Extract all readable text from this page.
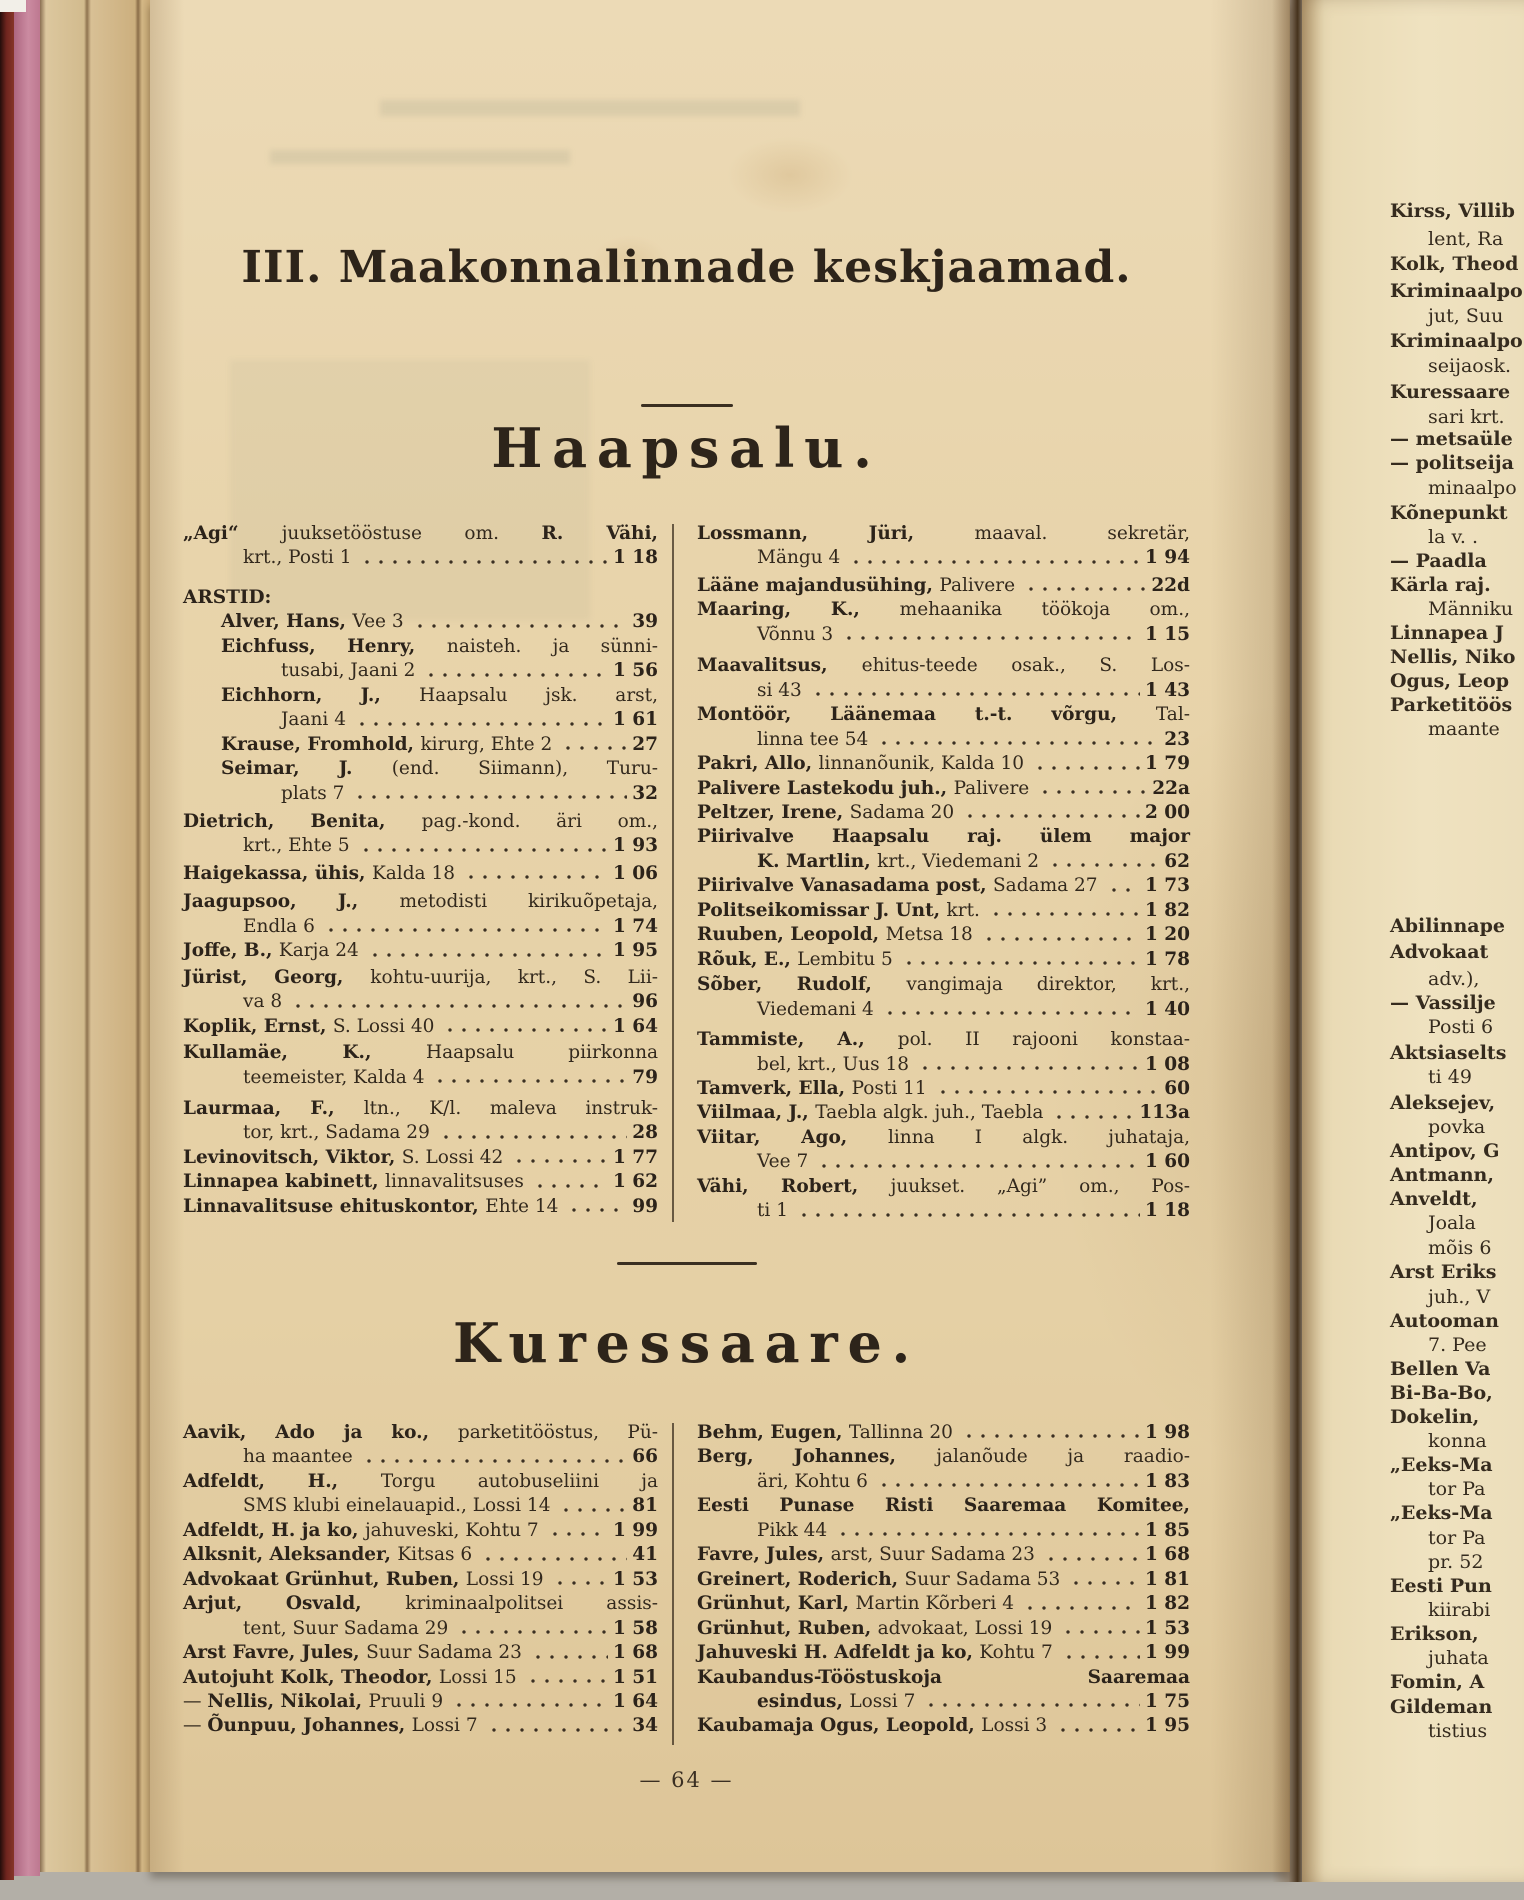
III. Maakonnalinnade keskjaamad.
Haapsalu.
„Agi“ juuksetööstuse om. R. Vähi,
krt., Posti 1	1 18
ARSTID:
Alver, Hans, Vee 3	39
Eichfuss, Henry, naisteh. ja sünni-
tusabi, Jaani 2	1 56
Eichhorn, J., Haapsalu jsk. arst,
Jaani 4	1 61
Krause, Fromhold, kirurg, Ehte 2	27
Seimar, J. (end. Siimann), Turu-
plats 7	32
Dietrich, Benita, pag.-kond. äri om.,
krt., Ehte 5	1 93
Haigekassa, ühis, Kalda 18	1 06
Jaagupsoo, J., metodisti kirikuõpetaja,
Endla 6	1 74
Joffe, B., Karja 24	1 95
Jürist, Georg, kohtu-uurija, krt., S. Lii-
va 8	96
Koplik, Ernst, S. Lossi 40	1 64
Kullamäe, K., Haapsalu piirkonna
teemeister, Kalda 4	79
Laurmaa, F., ltn., K/l. maleva instruk-
tor, krt., Sadama 29	28
Levinovitsch, Viktor, S. Lossi 42	1 77
Linnapea kabinett, linnavalitsuses	1 62
Linnavalitsuse ehituskontor, Ehte 14	99
Lossmann, Jüri, maaval. sekretär,
Mängu 4	1 94
Lääne majandusühing, Palivere	22d
Maaring, K., mehaanika töökoja om.,
Võnnu 3	1 15
Maavalitsus, ehitus-teede osak., S. Los-
si 43	1 43
Montöör, Läänemaa t.-t. võrgu, Tal-
linna tee 54	23
Pakri, Allo, linnanõunik, Kalda 10	1 79
Palivere Lastekodu juh., Palivere	22a
Peltzer, Irene, Sadama 20	2 00
Piirivalve Haapsalu raj. ülem major
K. Martlin, krt., Viedemani 2	62
Piirivalve Vanasadama post, Sadama 27	1 73
Politseikomissar J. Unt, krt.	1 82
Ruuben, Leopold, Metsa 18	1 20
Rõuk, E., Lembitu 5	1 78
Sõber, Rudolf, vangimaja direktor, krt.,
Viedemani 4	1 40
Tammiste, A., pol. II rajooni konstaa-
bel, krt., Uus 18	1 08
Tamverk, Ella, Posti 11	60
Viilmaa, J., Taebla algk. juh., Taebla	113a
Viitar, Ago, linna I algk. juhataja,
Vee 7	1 60
Vähi, Robert, juukset. „Agi” om., Pos-
ti 1	1 18
Kuressaare.
Aavik, Ado ja ko., parketitööstus, Pü-
ha maantee	66
Adfeldt, H., Torgu autobuseliini ja
SMS klubi einelauapid., Lossi 14	81
Adfeldt, H. ja ko, jahuveski, Kohtu 7	1 99
Alksnit, Aleksander, Kitsas 6	41
Advokaat Grünhut, Ruben, Lossi 19	1 53
Arjut, Osvald, kriminaalpolitsei assis-
tent, Suur Sadama 29	1 58
Arst Favre, Jules, Suur Sadama 23	1 68
Autojuht Kolk, Theodor, Lossi 15	1 51
— Nellis, Nikolai, Pruuli 9	1 64
— Õunpuu, Johannes, Lossi 7	34
Behm, Eugen, Tallinna 20	1 98
Berg, Johannes, jalanõude ja raadio-
äri, Kohtu 6	1 83
Eesti Punase Risti Saaremaa Komitee,
Pikk 44	1 85
Favre, Jules, arst, Suur Sadama 23	1 68
Greinert, Roderich, Suur Sadama 53	1 81
Grünhut, Karl, Martin Kõrberi 4	1 82
Grünhut, Ruben, advokaat, Lossi 19	1 53
Jahuveski H. Adfeldt ja ko, Kohtu 7	1 99
Kaubandus-Tööstuskoja Saaremaa
esindus, Lossi 7	1 75
Kaubamaja Ogus, Leopold, Lossi 3	1 95
— 64 —
Kirss, Villib
lent, Ra
Kolk, Theod
Kriminaalpo
jut, Suu
Kriminaalpo
seijaosk.
Kuressaare
sari krt.
— metsaüle
— politseija
minaalpo
Kõnepunkt
la v. .
— Paadla
Kärla raj.
Männiku
Linnapea J
Nellis, Niko
Ogus, Leop
Parketitöös
maante
Abilinnape
Advokaat
adv.),
— Vassilje
Posti 6
Aktsiaselts
ti 49
Aleksejev,
povka
Antipov, G
Antmann,
Anveldt,
Joala
mõis 6
Arst Eriks
juh., V
Autooman
7. Pee
Bellen Va
Bi-Ba-Bo,
Dokelin,
konna
„Eeks-Ma
tor Pa
„Eeks-Ma
tor Pa
pr. 52
Eesti Pun
kiirabi
Erikson,
juhata
Fomin, A
Gildeman
tistius
